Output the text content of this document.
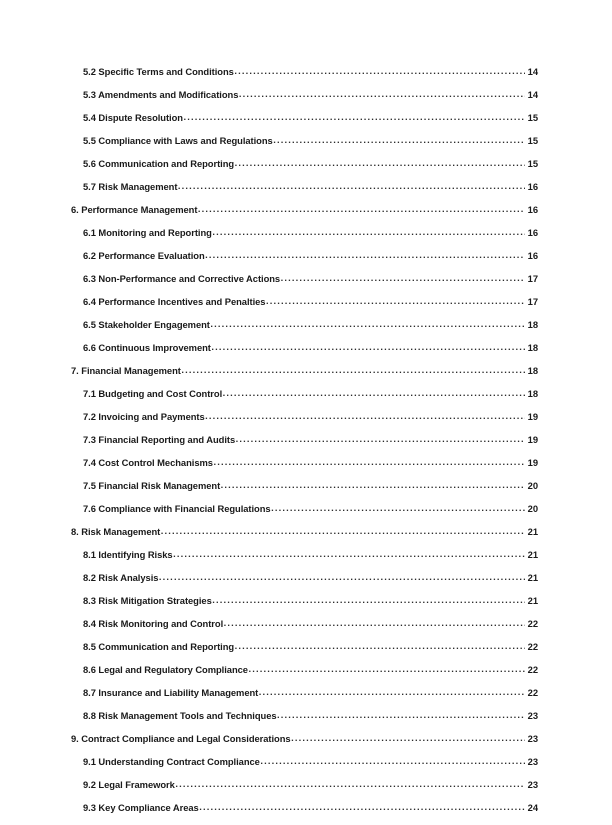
5.2 Specific Terms and Conditions .....	14
5.3 Amendments and Modifications .....	14
5.4 Dispute Resolution .....	15
5.5 Compliance with Laws and Regulations .....	15
5.6 Communication and Reporting .....	15
5.7 Risk Management .....	16
6. Performance Management .....	16
6.1 Monitoring and Reporting .....	16
6.2 Performance Evaluation .....	16
6.3 Non-Performance and Corrective Actions .....	17
6.4 Performance Incentives and Penalties .....	17
6.5 Stakeholder Engagement .....	18
6.6 Continuous Improvement .....	18
7. Financial Management .....	18
7.1 Budgeting and Cost Control .....	18
7.2 Invoicing and Payments .....	19
7.3 Financial Reporting and Audits .....	19
7.4 Cost Control Mechanisms .....	19
7.5 Financial Risk Management .....	20
7.6 Compliance with Financial Regulations .....	20
8. Risk Management .....	21
8.1 Identifying Risks .....	21
8.2 Risk Analysis .....	21
8.3 Risk Mitigation Strategies .....	21
8.4 Risk Monitoring and Control .....	22
8.5 Communication and Reporting .....	22
8.6 Legal and Regulatory Compliance .....	22
8.7 Insurance and Liability Management .....	22
8.8 Risk Management Tools and Techniques .....	23
9. Contract Compliance and Legal Considerations .....	23
9.1 Understanding Contract Compliance .....	23
9.2 Legal Framework .....	23
9.3 Key Compliance Areas .....	24
